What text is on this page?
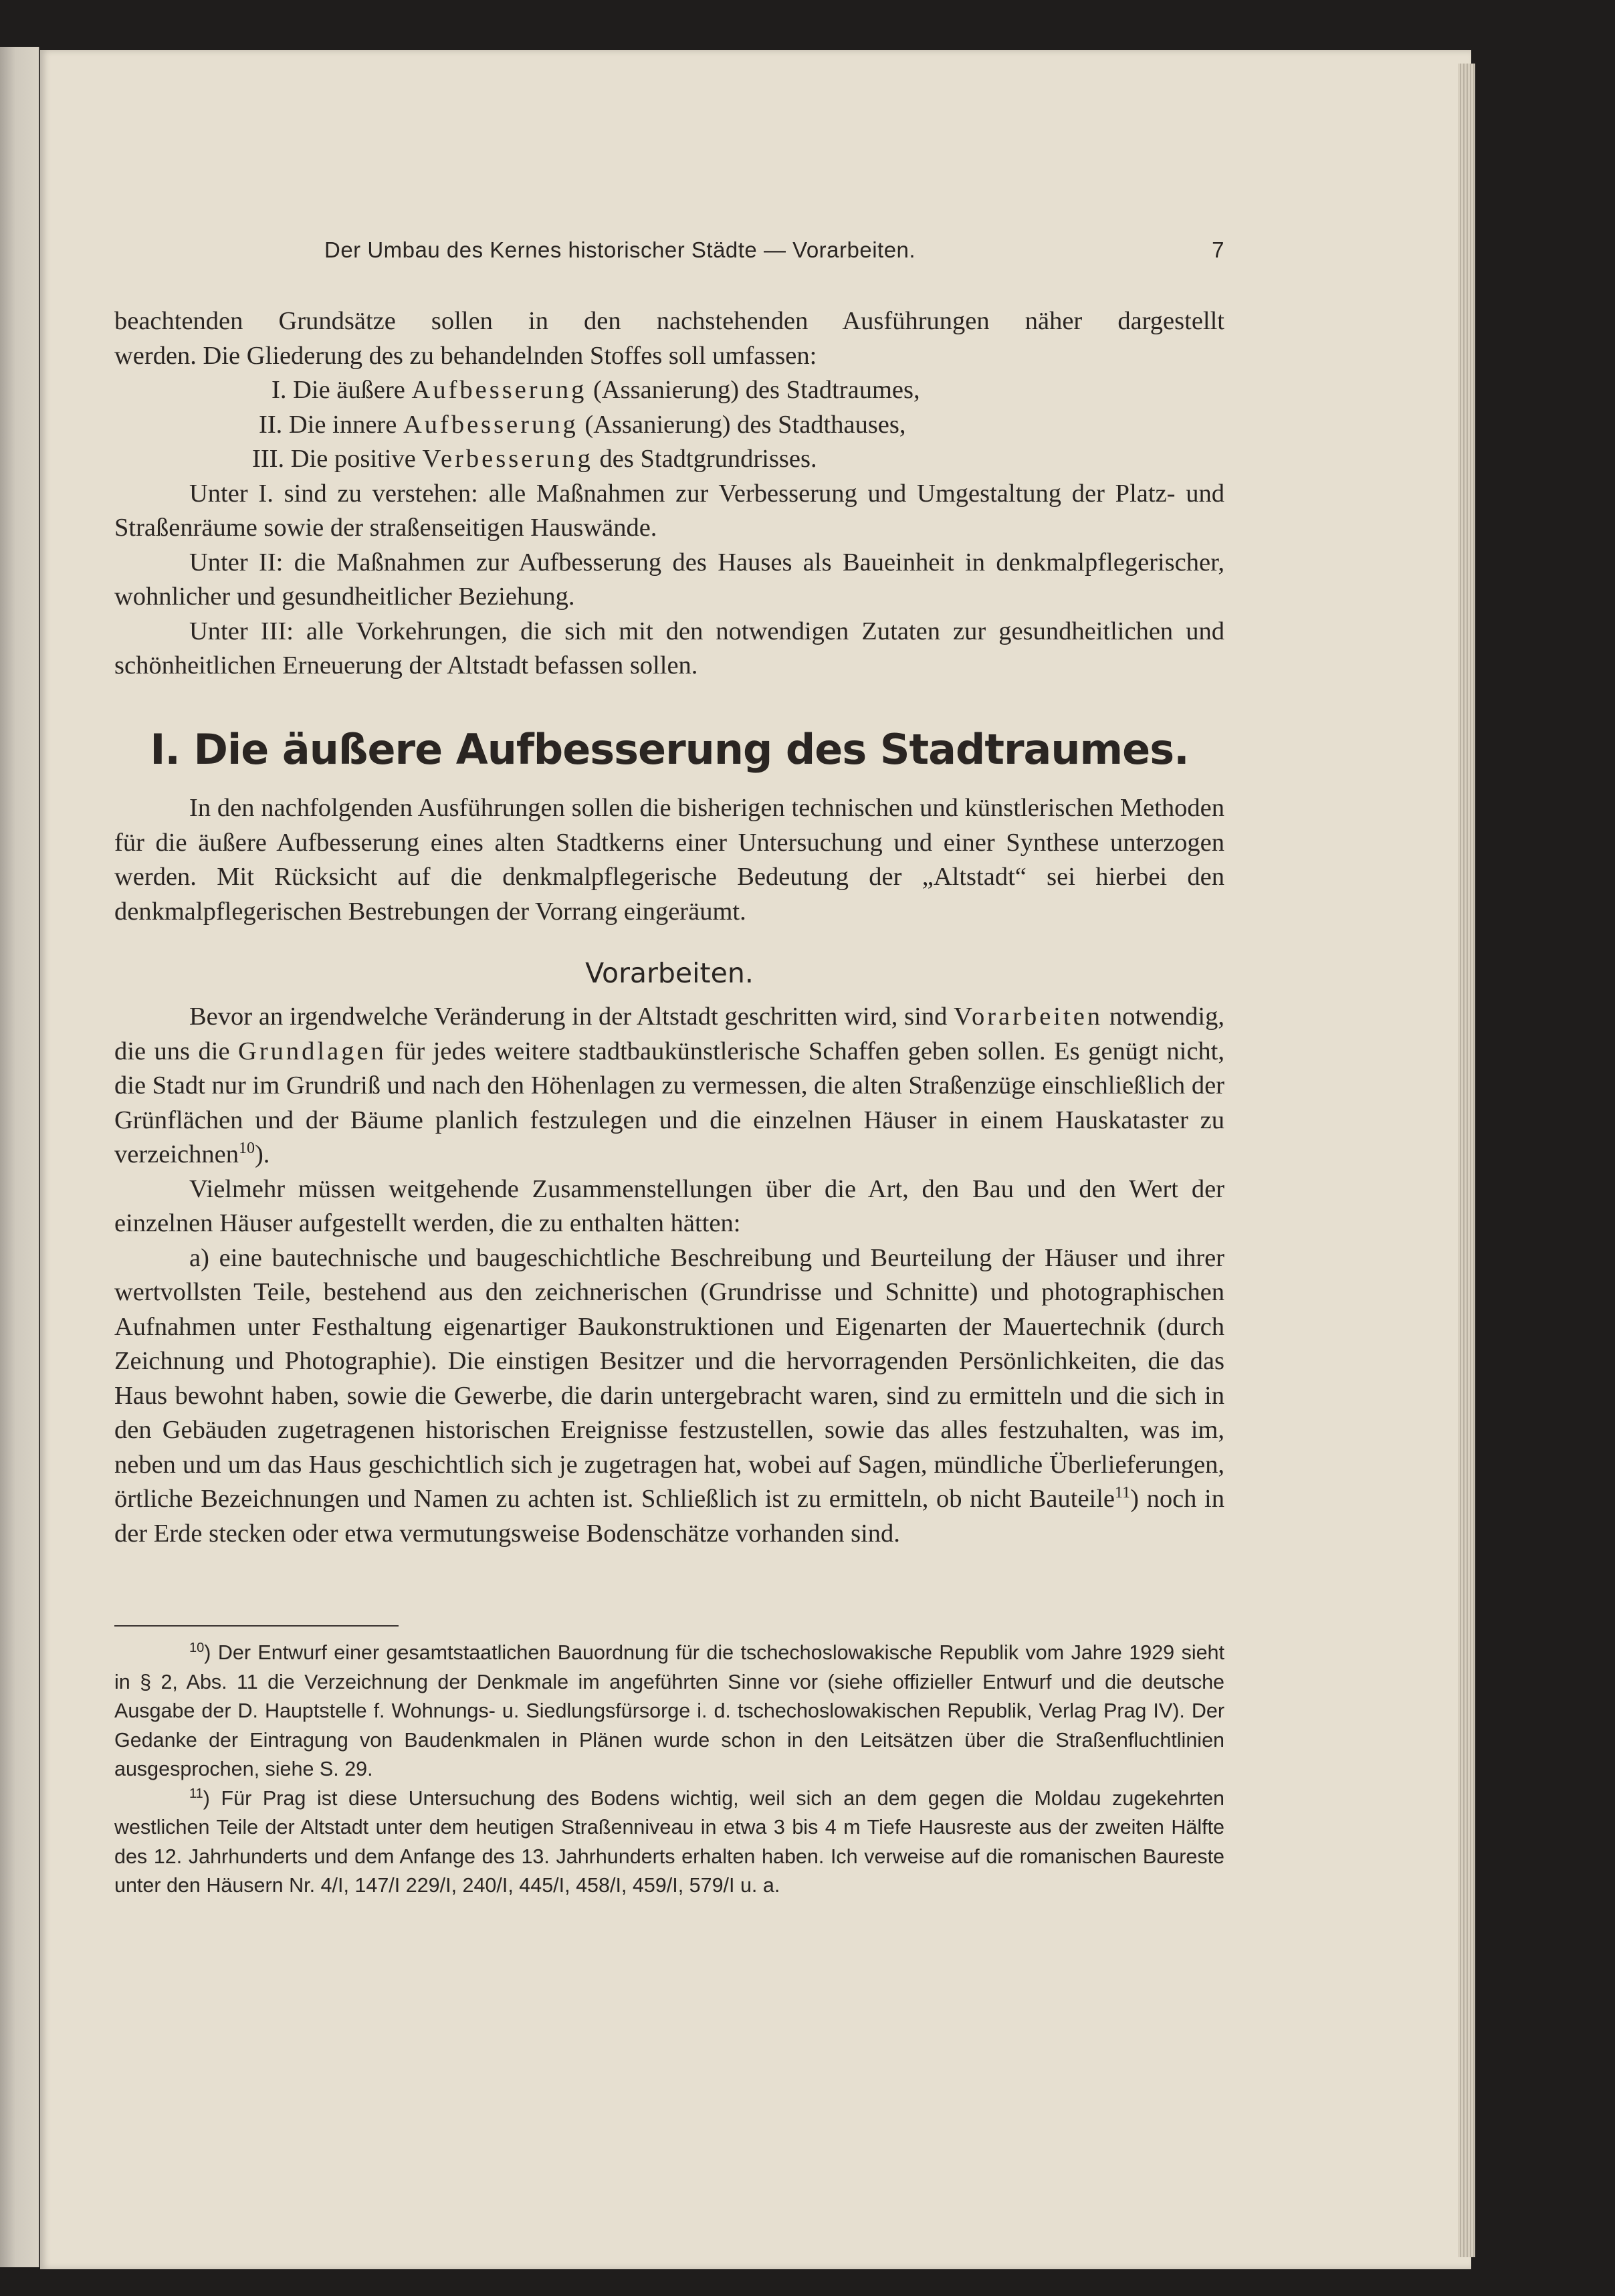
Der Umbau des Kernes historischer Städte — Vorarbeiten.	7

beachtenden Grundsätze sollen in den nachstehenden Ausführungen näher dargestellt

werden. Die Gliederung des zu behandelnden Stoffes soll umfassen:

I. Die äußere Aufbesserung (Assanierung) des Stadtraumes,

II. Die innere Aufbesserung (Assanierung) des Stadthauses,

III. Die positive Verbesserung des Stadtgrundrisses.

Unter I. sind zu verstehen: alle Maßnahmen zur Verbesserung und Umgestaltung der Platz- und Straßenräume sowie der straßenseitigen Hauswände.

Unter II: die Maßnahmen zur Aufbesserung des Hauses als Baueinheit in denkmalpflegerischer, wohnlicher und gesundheitlicher Beziehung.

Unter III: alle Vorkehrungen, die sich mit den notwendigen Zutaten zur gesundheitlichen und schönheitlichen Erneuerung der Altstadt befassen sollen.

I. Die äußere Aufbesserung des Stadtraumes.

In den nachfolgenden Ausführungen sollen die bisherigen technischen und künstlerischen Methoden für die äußere Aufbesserung eines alten Stadtkerns einer Untersuchung und einer Synthese unterzogen werden. Mit Rücksicht auf die denkmalpflegerische Bedeutung der „Altstadt“ sei hierbei den denkmalpflegerischen Bestrebungen der Vorrang eingeräumt.

Vorarbeiten.

Bevor an irgendwelche Veränderung in der Altstadt geschritten wird, sind Vorarbeiten notwendig, die uns die Grundlagen für jedes weitere stadtbaukünstlerische Schaffen geben sollen. Es genügt nicht, die Stadt nur im Grundriß und nach den Höhenlagen zu vermessen, die alten Straßenzüge einschließlich der Grünflächen und der Bäume planlich festzulegen und die einzelnen Häuser in einem Hauskataster zu verzeichnen$^{10}$).

Vielmehr müssen weitgehende Zusammenstellungen über die Art, den Bau und den Wert der einzelnen Häuser aufgestellt werden, die zu enthalten hätten:

a) eine bautechnische und baugeschichtliche Beschreibung und Beurteilung der Häuser und ihrer wertvollsten Teile, bestehend aus den zeichnerischen (Grundrisse und Schnitte) und photographischen Aufnahmen unter Festhaltung eigenartiger Baukonstruktionen und Eigenarten der Mauertechnik (durch Zeichnung und Photographie). Die einstigen Besitzer und die hervorragenden Persönlichkeiten, die das Haus bewohnt haben, sowie die Gewerbe, die darin untergebracht waren, sind zu ermitteln und die sich in den Gebäuden zugetragenen historischen Ereignisse festzustellen, sowie das alles festzuhalten, was im, neben und um das Haus geschichtlich sich je zugetragen hat, wobei auf Sagen, mündliche Überlieferungen, örtliche Bezeichnungen und Namen zu achten ist. Schließlich ist zu ermitteln, ob nicht Bauteile$^{11}$) noch in der Erde stecken oder etwa vermutungsweise Bodenschätze vorhanden sind.

$^{10}$) Der Entwurf einer gesamtstaatlichen Bauordnung für die tschechoslowakische Republik vom Jahre 1929 sieht in § 2, Abs. 11 die Verzeichnung der Denkmale im angeführten Sinne vor (siehe offizieller Entwurf und die deutsche Ausgabe der D. Hauptstelle f. Wohnungs- u. Siedlungsfürsorge i. d. tschechoslowakischen Republik, Verlag Prag IV). Der Gedanke der Eintragung von Baudenkmalen in Plänen wurde schon in den Leitsätzen über die Straßenfluchtlinien ausgesprochen, siehe S. 29.

$^{11}$) Für Prag ist diese Untersuchung des Bodens wichtig, weil sich an dem gegen die Moldau zugekehrten westlichen Teile der Altstadt unter dem heutigen Straßenniveau in etwa 3 bis 4 m Tiefe Hausreste aus der zweiten Hälfte des 12. Jahrhunderts und dem Anfange des 13. Jahrhunderts erhalten haben. Ich verweise auf die romanischen Baureste unter den Häusern Nr. 4/I, 147/I 229/I, 240/I, 445/I, 458/I, 459/I, 579/I u. a.
